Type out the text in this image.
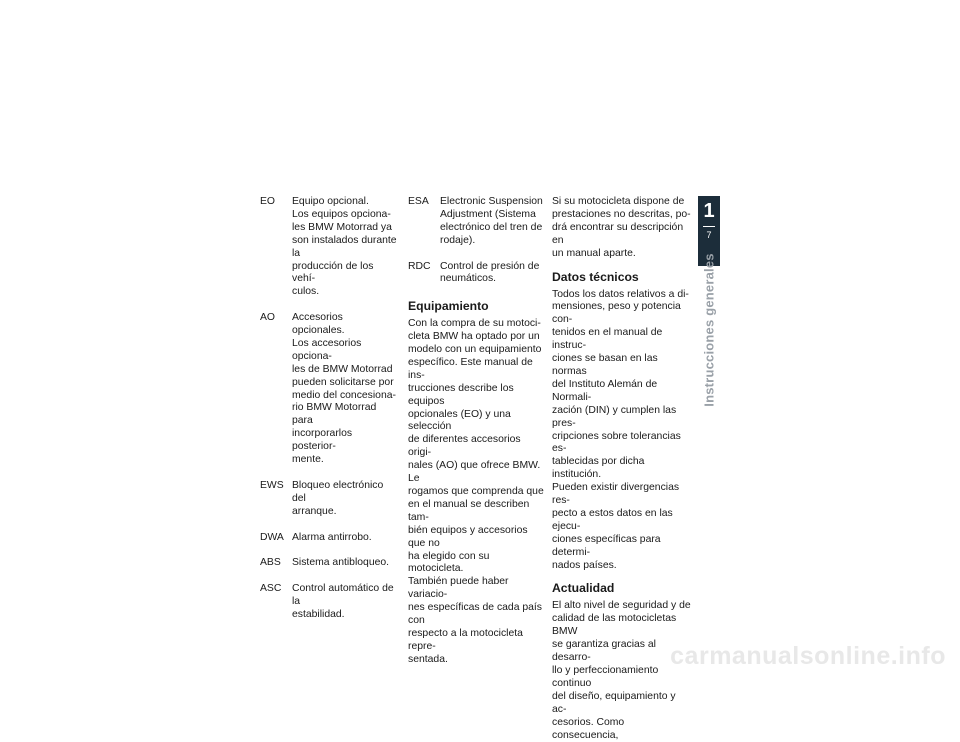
EO	Equipo opcional.
Los equipos opciona-
les BMW Motorrad ya
son instalados durante la
producción de los vehí-
culos.
AO	Accesorios opcionales.
Los accesorios opciona-
les de BMW Motorrad
pueden solicitarse por
medio del concesiona-
rio BMW Motorrad para
incorporarlos posterior-
mente.
EWS Bloqueo electrónico del
arranque.
DWA Alarma antirrobo.
ABS	Sistema antibloqueo.
ASC	Control automático de la
estabilidad.
ESA	Electronic Suspension
Adjustment (Sistema
electrónico del tren de
rodaje).
RDC Control de presión de
neumáticos.
Equipamiento

Con la compra de su motoci-
cleta BMW ha optado por un
modelo con un equipamiento
específico. Este manual de ins-
trucciones describe los equipos
opcionales (EO) y una selección
de diferentes accesorios origi-
nales (AO) que ofrece BMW. Le
rogamos que comprenda que
en el manual se describen tam-
bién equipos y accesorios que no
ha elegido con su motocicleta.
También puede haber variacio-
nes específicas de cada país con
respecto a la motocicleta repre-
sentada.

Si su motocicleta dispone de
prestaciones no descritas, po-
drá encontrar su descripción en
un manual aparte.

Datos técnicos

Todos los datos relativos a di-
mensiones, peso y potencia con-
tenidos en el manual de instruc-
ciones se basan en las normas
del Instituto Alemán de Normali-
zación (DIN) y cumplen las pres-
cripciones sobre tolerancias es-
tablecidas por dicha institución.
Pueden existir divergencias res-
pecto a estos datos en las ejecu-
ciones específicas para determi-
nados países.

Actualidad

El alto nivel de seguridad y de
calidad de las motocicletas BMW
se garantiza gracias al desarro-
llo y perfeccionamiento continuo
del diseño, equipamiento y ac-
cesorios. Como consecuencia,

1
7
Instrucciones generales
carmanualsonline.info
